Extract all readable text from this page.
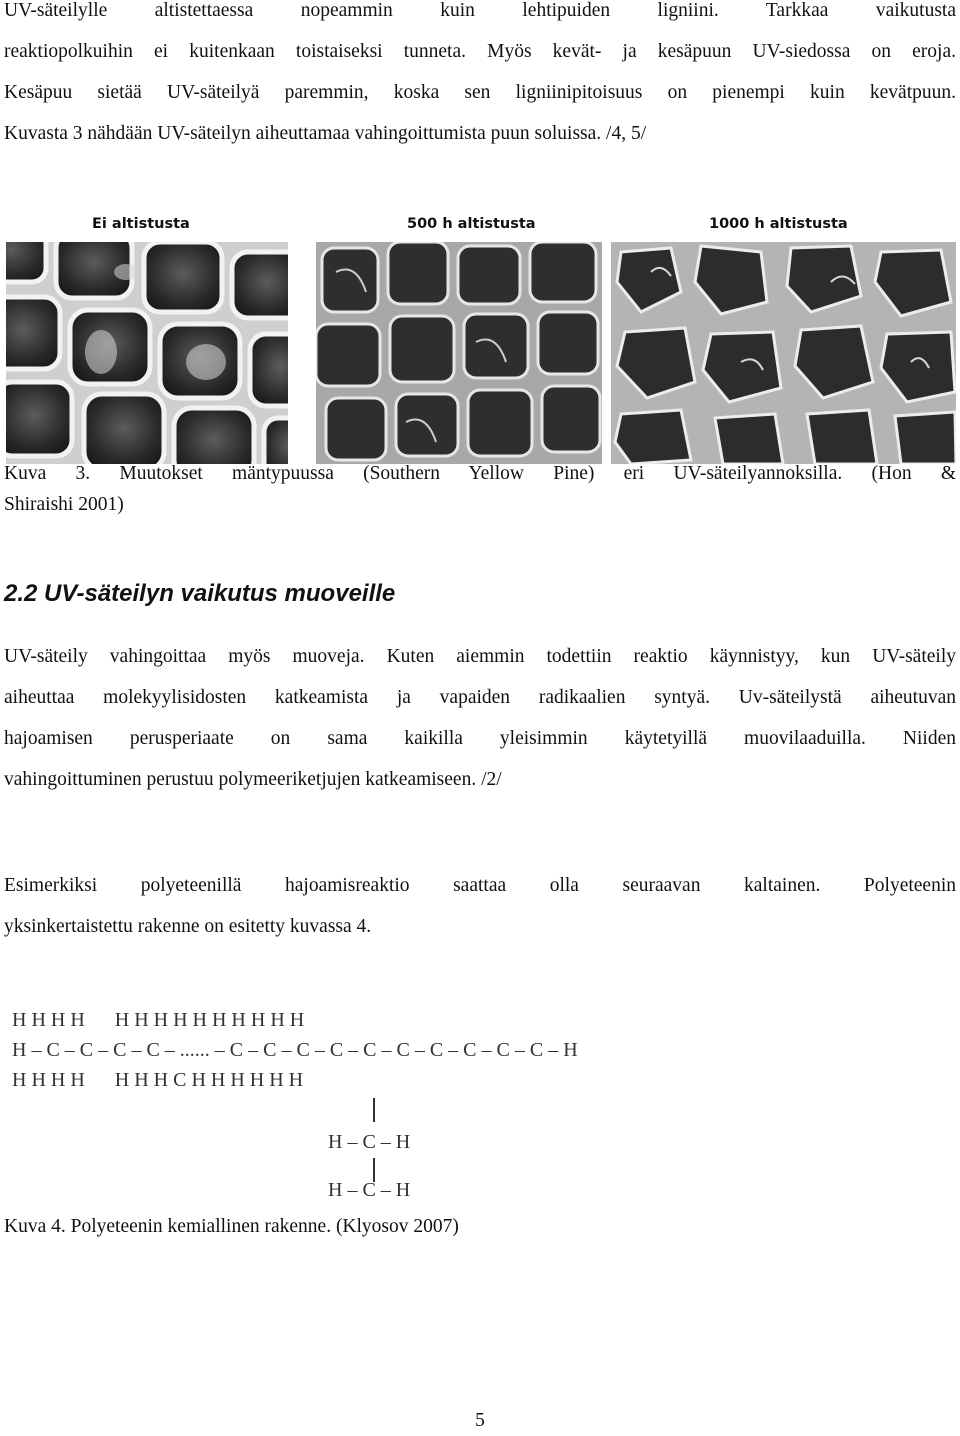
UV-säteilylle altistettaessa nopeammin kuin lehtipuiden ligniini. Tarkkaa vaikutusta
reaktiopolkuihin ei kuitenkaan toistaiseksi tunneta. Myös kevät- ja kesäpuun UV-siedossa on eroja.
Kesäpuu sietää UV-säteilyä paremmin, koska sen ligniinipitoisuus on pienempi kuin kevätpuun.
Kuvasta 3 nähdään UV-säteilyn aiheuttamaa vahingoittumista puun soluissa. /4, 5/
Ei altistusta	500 h altistusta	1000 h altistusta
Kuva 3. Muutokset mäntypuussa (Southern Yellow Pine) eri UV-säteilyannoksilla. (Hon &
Shiraishi 2001)
2.2 UV-säteilyn vaikutus muoveille
UV-säteily vahingoittaa myös muoveja. Kuten aiemmin todettiin reaktio käynnistyy, kun UV-säteily
aiheuttaa molekyylisidosten katkeamista ja vapaiden radikaalien syntyä. Uv-säteilystä aiheutuvan
hajoamisen perusperiaate on sama kaikilla yleisimmin käytetyillä muovilaaduilla. Niiden
vahingoittuminen perustuu polymeeriketjujen katkeamiseen. /2/
Esimerkiksi polyeteenillä hajoamisreaktio saattaa olla seuraavan kaltainen. Polyeteenin
yksinkertaistettu rakenne on esitetty kuvassa 4.
H H H H      H H H H H H H H H H
H – C – C – C – C – ...... – C – C – C – C – C – C – C – C – C – C – H
H H H H      H H H C H H H H H H
H – C – H
H – C – H
Kuva 4. Polyeteenin kemiallinen rakenne. (Klyosov 2007)
5
